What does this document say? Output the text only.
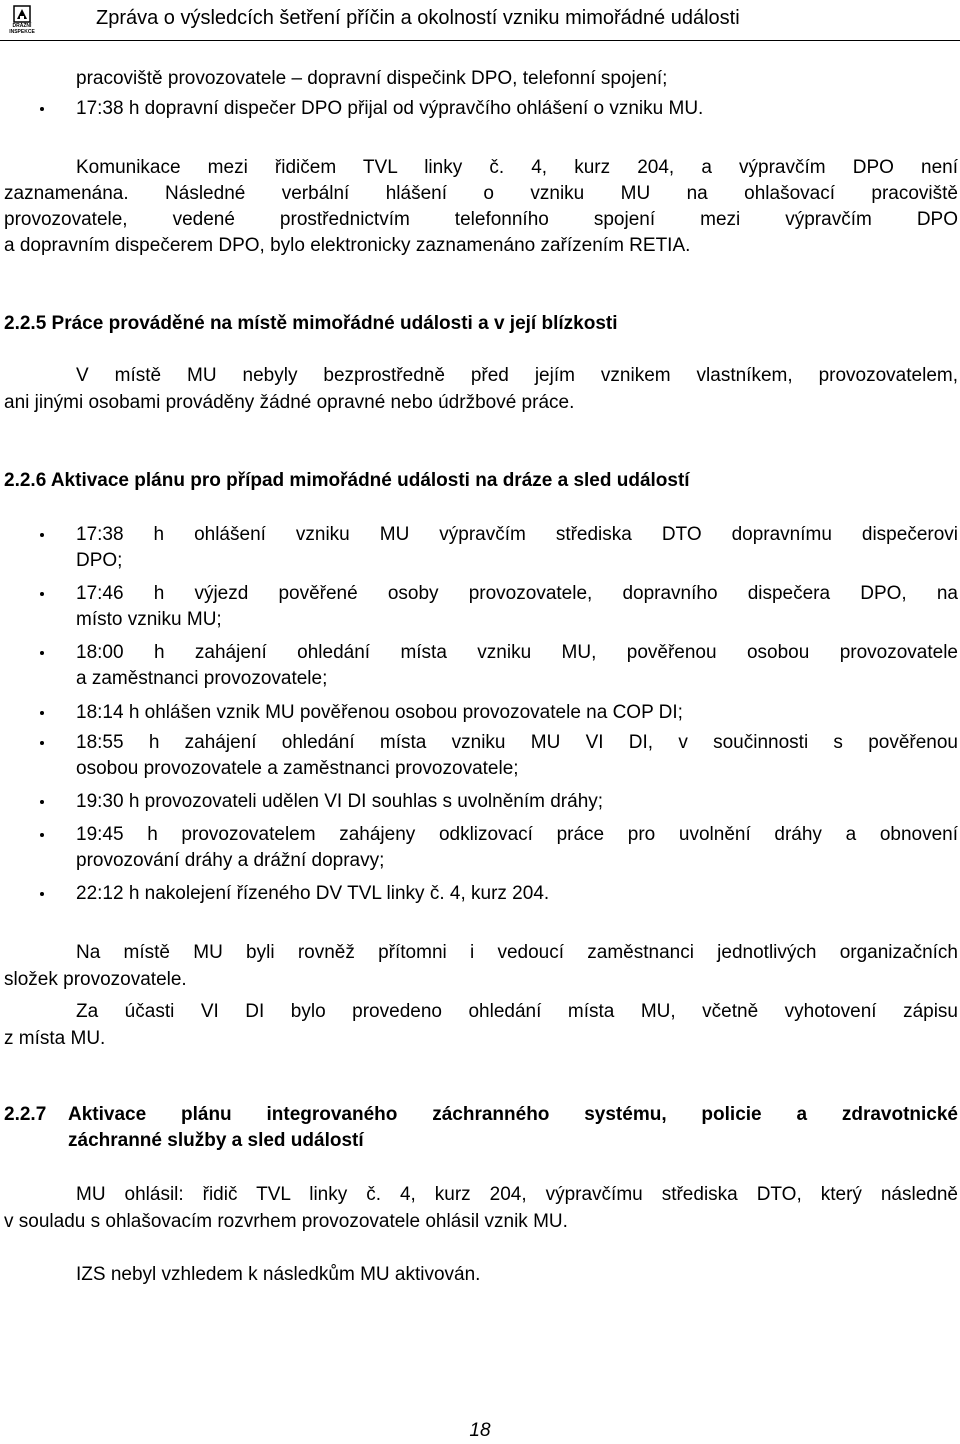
DRÁŽNÍ INSPEKCE
Zpráva o výsledcích šetření příčin a okolností vzniku mimořádné události
pracoviště provozovatele – dopravní dispečink DPO, telefonní spojení;
17:38 h dopravní dispečer DPO přijal od výpravčího ohlášení o vzniku MU.
Komunikace mezi řidičem TVL linky č. 4, kurz 204, a výpravčím DPO není
zaznamenána. Následné verbální hlášení o vzniku MU na ohlašovací pracoviště
provozovatele, vedené prostřednictvím telefonního spojení mezi výpravčím DPO
a dopravním dispečerem DPO, bylo elektronicky zaznamenáno zařízením RETIA.
2.2.5 Práce prováděné na místě mimořádné události a v její blízkosti
V místě MU nebyly bezprostředně před jejím vznikem vlastníkem, provozovatelem,
ani jinými osobami prováděny žádné opravné nebo údržbové práce.
2.2.6 Aktivace plánu pro případ mimořádné události na dráze a sled událostí
17:38 h ohlášení vzniku MU výpravčím střediska DTO dopravnímu dispečerovi
DPO;
17:46 h výjezd pověřené osoby provozovatele, dopravního dispečera DPO, na
místo vzniku MU;
18:00 h zahájení ohledání místa vzniku MU, pověřenou osobou provozovatele
a zaměstnanci provozovatele;
18:14 h ohlášen vznik MU pověřenou osobou provozovatele na COP DI;
18:55 h zahájení ohledání místa vzniku MU VI DI, v součinnosti s pověřenou
osobou provozovatele a zaměstnanci provozovatele;
19:30 h provozovateli udělen VI DI souhlas s uvolněním dráhy;
19:45 h provozovatelem zahájeny odklizovací práce pro uvolnění dráhy a obnovení
provozování dráhy a drážní dopravy;
22:12 h nakolejení řízeného DV TVL linky č. 4, kurz 204.
Na místě MU byli rovněž přítomni i vedoucí zaměstnanci jednotlivých organizačních
složek provozovatele.
Za účasti VI DI bylo provedeno ohledání místa MU, včetně vyhotovení zápisu
z místa MU.
2.2.7 Aktivace plánu integrovaného záchranného systému, policie a zdravotnické
záchranné služby a sled událostí
MU ohlásil: řidič TVL linky č. 4, kurz 204, výpravčímu střediska DTO, který následně
v souladu s ohlašovacím rozvrhem provozovatele ohlásil vznik MU.
IZS nebyl vzhledem k následkům MU aktivován.
18
